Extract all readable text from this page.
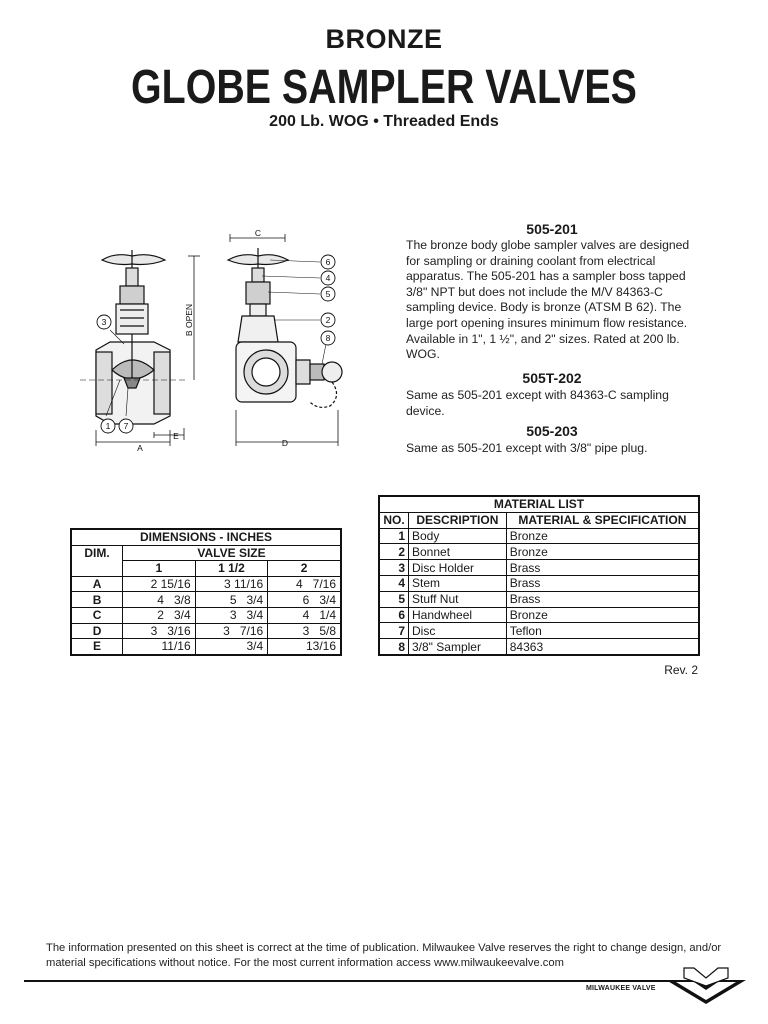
BRONZE
GLOBE SAMPLER VALVES
200 Lb. WOG • Threaded Ends
3
1 7
6
4
5
2
8
A
E
C
D
B OPEN
505-201
The bronze body globe sampler valves are designed for sampling or draining coolant from electrical apparatus. The 505-201 has a sampler boss tapped 3/8" NPT but does not include the M/V 84363-C sampling device. Body is bronze (ATSM B 62). The large port opening insures minimum flow resistance. Available in 1", 1 ½", and 2" sizes. Rated at 200 lb. WOG.
505T-202
Same as 505-201 except with 84363-C sampling device.
505-203
Same as 505-201 except with 3/8" pipe plug.
DIMENSIONS - INCHES			
DIM.	VALVE SIZE		
	1	1 1/2	2
A	2 15/16	3 11/16	4   7/16
B	4   3/8	5   3/4	6   3/4
C	2   3/4	3   3/4	4   1/4
D	3   3/16	3   7/16	3   5/8
E	11/16	3/4	13/16
MATERIAL LIST		
NO.	DESCRIPTION	MATERIAL & SPECIFICATION
1	Body	Bronze
2	Bonnet	Bronze
3	Disc Holder	Brass
4	Stem	Brass
5	Stuff Nut	Brass
6	Handwheel	Bronze
7	Disc	Teflon
8	3/8" Sampler	84363
Rev. 2
The information presented on this sheet is correct at the time of publication. Milwaukee Valve reserves the right to change design, and/or material specifications without notice. For the most current information access www.milwaukeevalve.com
MILWAUKEE VALVE
